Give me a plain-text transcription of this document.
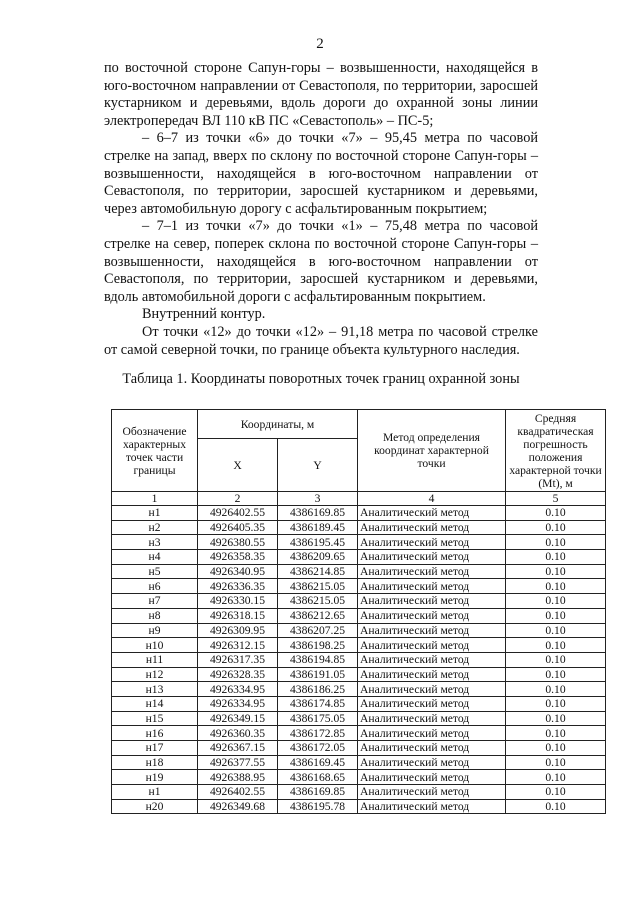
2

по восточной стороне Сапун-горы – возвышенности, находящейся в юго-восточном направлении от Севастополя, по территории, заросшей кустарником и деревьями, вдоль дороги до охранной зоны линии электропередач ВЛ 110 кВ ПС «Севастополь» – ПС-5;

– 6–7 из точки «6» до точки «7» – 95,45 метра по часовой стрелке на запад, вверх по склону по восточной стороне Сапун-горы – возвышенности, находящейся в юго-восточном направлении от Севастополя, по территории, заросшей кустарником и деревьями, через автомобильную дорогу с асфальтированным покрытием;

– 7–1 из точки «7» до точки «1» – 75,48 метра по часовой стрелке на север, поперек склона по восточной стороне Сапун-горы – возвышенности, находящейся в юго-восточном направлении от Севастополя, по территории, заросшей кустарником и деревьями, вдоль автомобильной дороги с асфальтированным покрытием.

Внутренний контур.

От точки «12» до точки «12» – 91,18 метра по часовой стрелке от самой северной точки, по границе объекта культурного наследия.

Таблица 1. Координаты поворотных точек границ охранной зоны
Обозначение характерных точек части границы	Координаты, м		Метод определения координат характерной точки	Средняя квадратическая погрешность положения характерной точки (Mt), м
	X	Y		
1	2	3	4	5
н1	4926402.55	4386169.85	Аналитический метод	0.10
н2	4926405.35	4386189.45	Аналитический метод	0.10
н3	4926380.55	4386195.45	Аналитический метод	0.10
н4	4926358.35	4386209.65	Аналитический метод	0.10
н5	4926340.95	4386214.85	Аналитический метод	0.10
н6	4926336.35	4386215.05	Аналитический метод	0.10
н7	4926330.15	4386215.05	Аналитический метод	0.10
н8	4926318.15	4386212.65	Аналитический метод	0.10
н9	4926309.95	4386207.25	Аналитический метод	0.10
н10	4926312.15	4386198.25	Аналитический метод	0.10
н11	4926317.35	4386194.85	Аналитический метод	0.10
н12	4926328.35	4386191.05	Аналитический метод	0.10
н13	4926334.95	4386186.25	Аналитический метод	0.10
н14	4926334.95	4386174.85	Аналитический метод	0.10
н15	4926349.15	4386175.05	Аналитический метод	0.10
н16	4926360.35	4386172.85	Аналитический метод	0.10
н17	4926367.15	4386172.05	Аналитический метод	0.10
н18	4926377.55	4386169.45	Аналитический метод	0.10
н19	4926388.95	4386168.65	Аналитический метод	0.10
н1	4926402.55	4386169.85	Аналитический метод	0.10
н20	4926349.68	4386195.78	Аналитический метод	0.10
